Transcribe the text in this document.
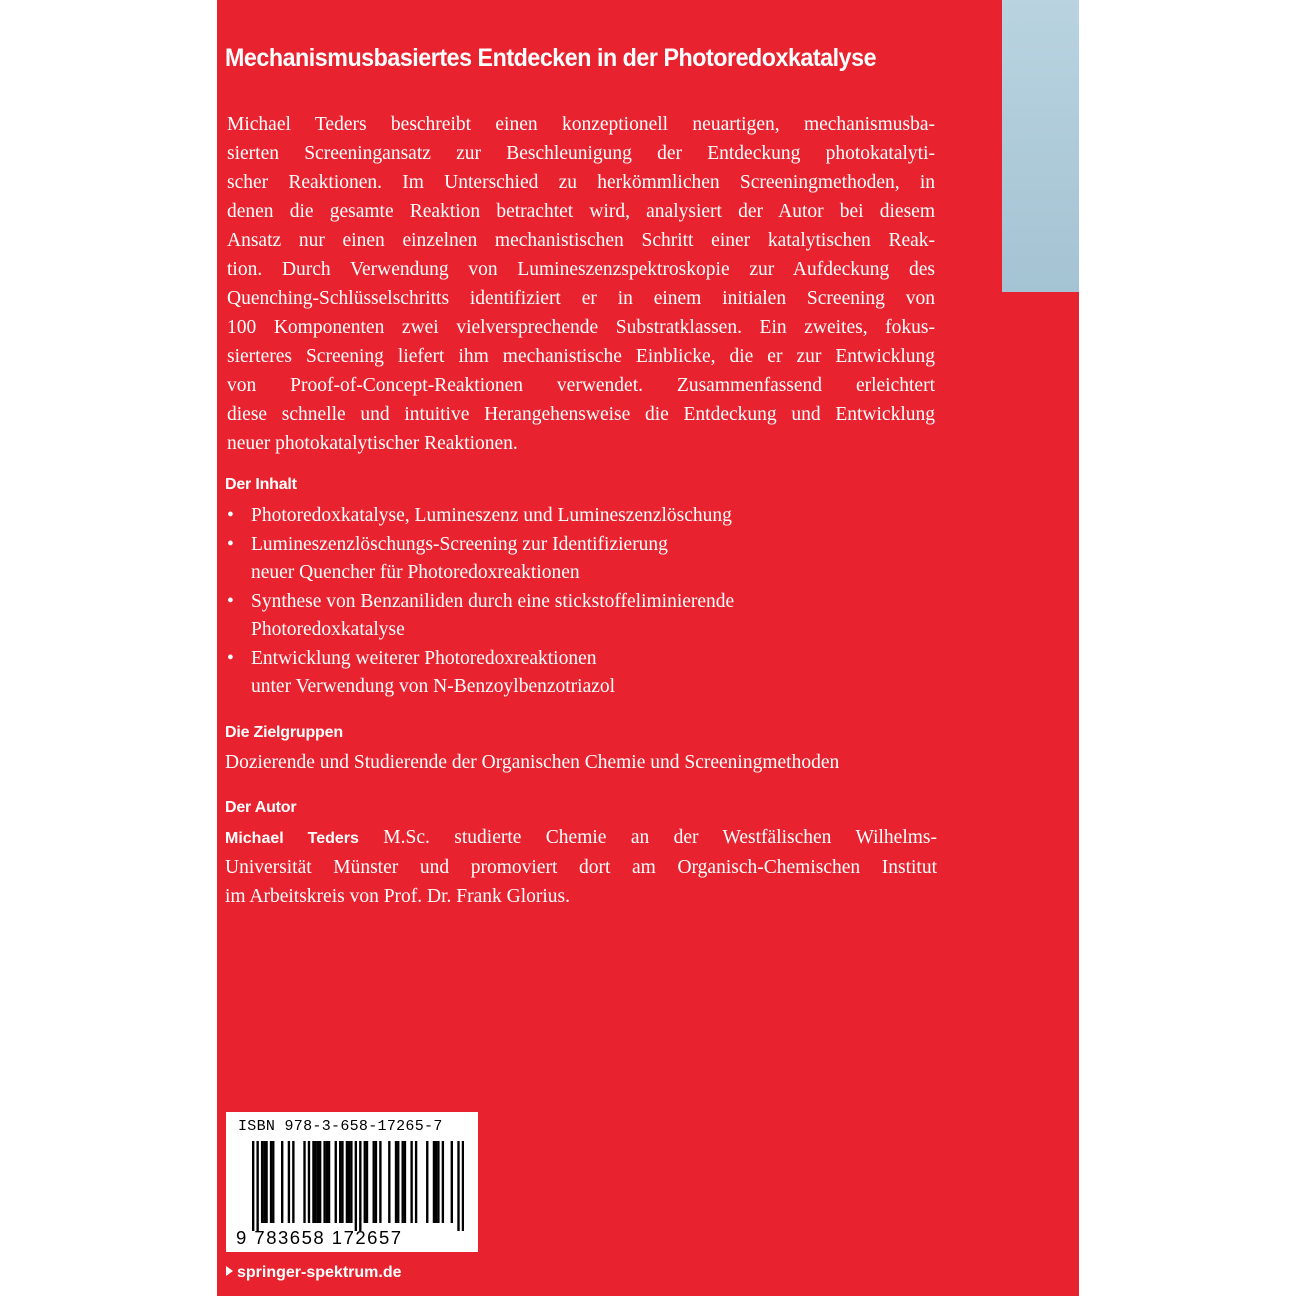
Mechanismusbasiertes Entdecken in der Photoredoxkatalyse
Michael Teders beschreibt einen konzeptionell neuartigen, mechanismusba-
sierten Screeningansatz zur Beschleunigung der Entdeckung photokatalyti-
scher Reaktionen. Im Unterschied zu herkömmlichen Screeningmethoden, in
denen die gesamte Reaktion betrachtet wird, analysiert der Autor bei diesem
Ansatz nur einen einzelnen mechanistischen Schritt einer katalytischen Reak-
tion. Durch Verwendung von Lumineszenzspektroskopie zur Aufdeckung des
Quenching-Schlüsselschritts identifiziert er in einem initialen Screening von
100 Komponenten zwei vielversprechende Substratklassen. Ein zweites, fokus-
sierteres Screening liefert ihm mechanistische Einblicke, die er zur Entwicklung
von Proof-of-Concept-Reaktionen verwendet. Zusammenfassend erleichtert
diese schnelle und intuitive Herangehensweise die Entdeckung und Entwicklung
neuer photokatalytischer Reaktionen.
Der Inhalt
• Photoredoxkatalyse, Lumineszenz und Lumineszenzlöschung
• Lumineszenzlöschungs-Screening zur Identifizierung
neuer Quencher für Photoredoxreaktionen
• Synthese von Benzaniliden durch eine stickstoffeliminierende
Photoredoxkatalyse
• Entwicklung weiterer Photoredoxreaktionen
unter Verwendung von N-Benzoylbenzotriazol
Die Zielgruppen
Dozierende und Studierende der Organischen Chemie und Screeningmethoden
Der Autor
Michael Teders M.Sc. studierte Chemie an der Westfälischen Wilhelms-
Universität Münster und promoviert dort am Organisch-Chemischen Institut
im Arbeitskreis von Prof. Dr. Frank Glorius.
ISBN 978-3-658-17265-7
9 783658 172657
springer-spektrum.de
